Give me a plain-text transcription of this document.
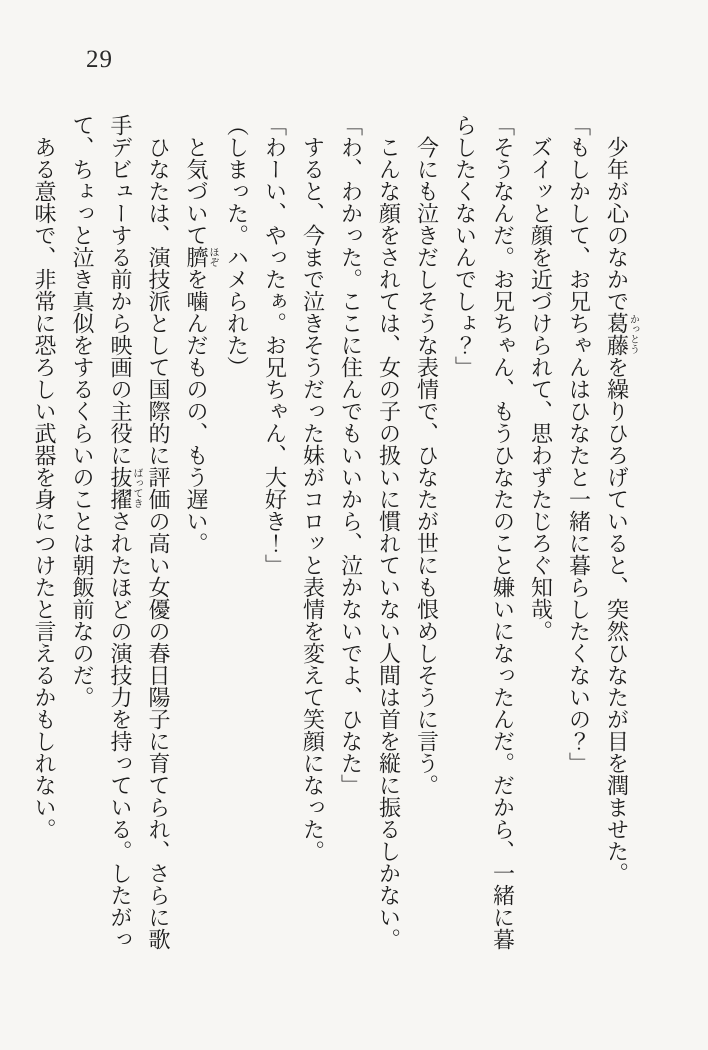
29

少年が心のなかで葛藤かっとうを繰りひろげていると、突然ひなたが目を潤ませた。

「もしかして、お兄ちゃんはひなたと一緒に暮らしたくないの？」

ズイッと顔を近づけられて、思わずたじろぐ知哉。

「そうなんだ。お兄ちゃん、もうひなたのこと嫌いになったんだ。だから、一緒に暮らしたくないんでしょ？」

今にも泣きだしそうな表情で、ひなたが世にも恨めしそうに言う。

こんな顔をされては、女の子の扱いに慣れていない人間は首を縦に振るしかない。

「わ、わかった。ここに住んでもいいから、泣かないでよ、ひなた」

すると、今まで泣きそうだった妹がコロッと表情を変えて笑顔になった。

「わーい、やったぁ。お兄ちゃん、大好き！」

（しまった。ハメられた）

と気づいて臍ほぞを噛んだものの、もう遅い。

ひなたは、演技派として国際的に評価の高い女優の春日陽子に育てられ、さらに歌手デビューする前から映画の主役に抜擢ばってきされたほどの演技力を持っている。したがって、ちょっと泣き真似をするくらいのことは朝飯前なのだ。

ある意味で、非常に恐ろしい武器を身につけたと言えるかもしれない。
